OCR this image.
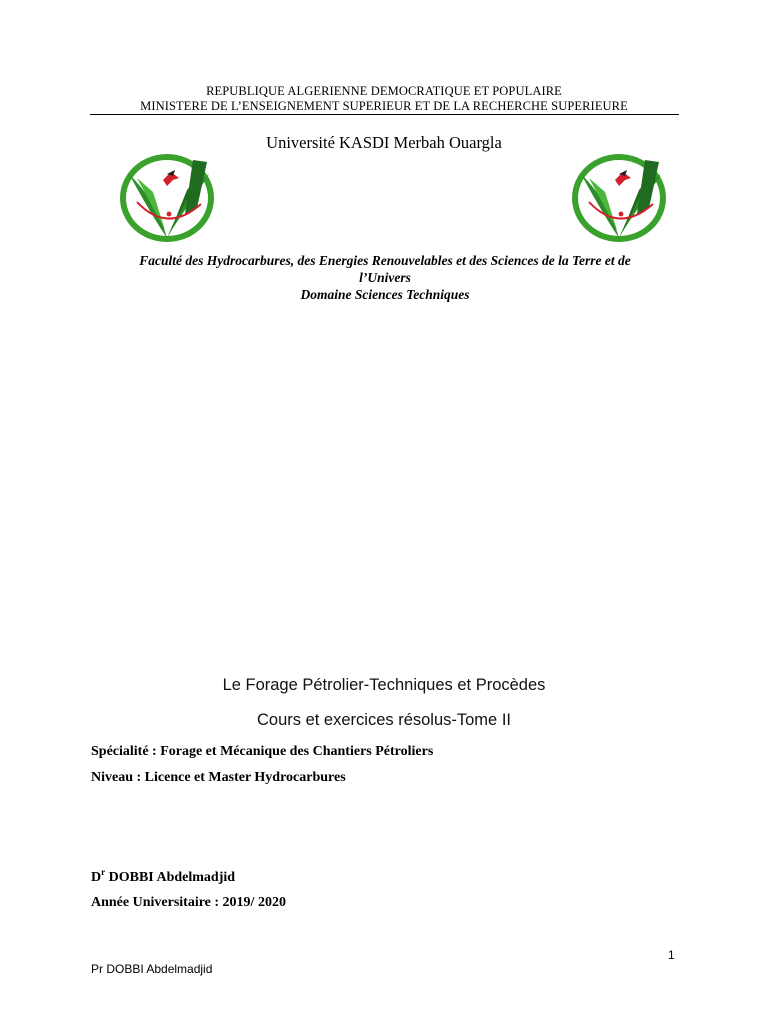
REPUBLIQUE ALGERIENNE DEMOCRATIQUE ET POPULAIRE
MINISTERE DE L’ENSEIGNEMENT SUPERIEUR ET DE LA RECHERCHE SUPERIEURE
Université KASDI Merbah Ouargla
Faculté des Hydrocarbures, des Energies Renouvelables et des Sciences de la Terre et de
l’Univers
Domaine Sciences Techniques
Le Forage Pétrolier-Techniques et Procèdes
Cours et exercices résolus-Tome II
Spécialité : Forage et Mécanique des Chantiers Pétroliers
Niveau : Licence et Master Hydrocarbures
$D^r$ DOBBI Abdelmadjid
Année Universitaire : 2019/ 2020
1
Pr DOBBI Abdelmadjid
